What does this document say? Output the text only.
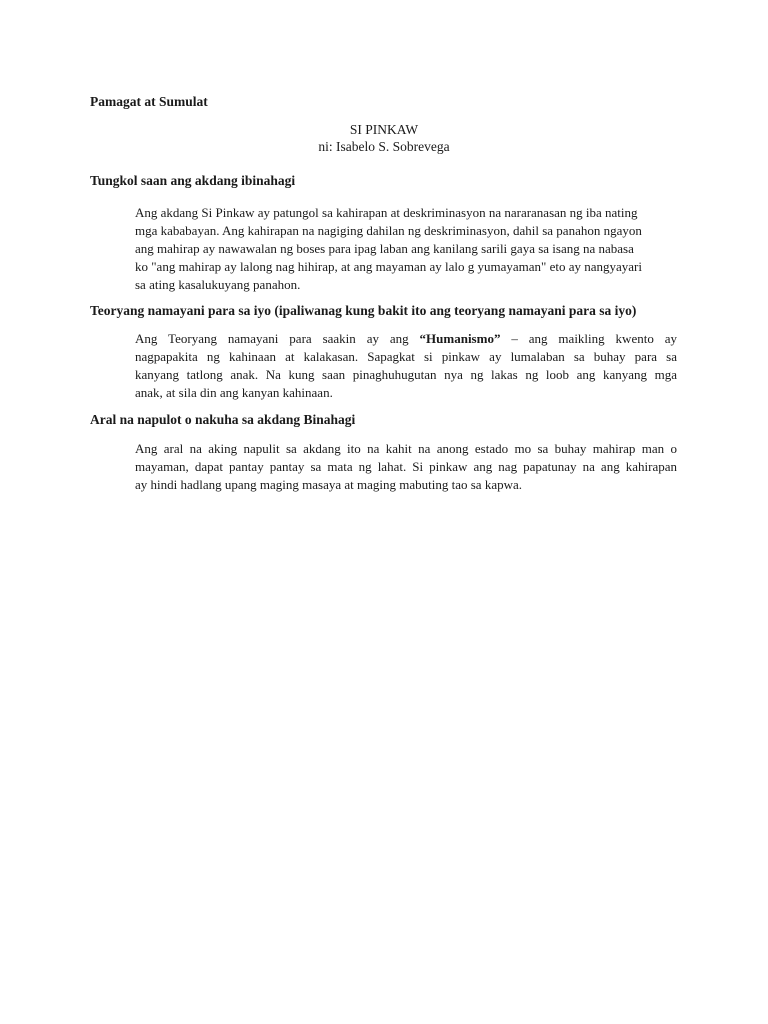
Pamagat at Sumulat
SI PINKAW
ni: Isabelo S. Sobrevega
Tungkol saan ang akdang ibinahagi
Ang akdang Si Pinkaw ay patungol sa kahirapan at deskriminasyon na nararanasan ng iba nating
mga kababayan. Ang kahirapan na nagiging dahilan ng deskriminasyon, dahil sa panahon ngayon
ang mahirap ay nawawalan ng boses para ipag laban ang kanilang sarili gaya sa isang na nabasa
ko "ang mahirap ay lalong nag hihirap, at ang mayaman ay lalo g yumayaman" eto ay nangyayari
sa ating kasalukuyang panahon.
Teoryang namayani para sa iyo (ipaliwanag kung bakit ito ang teoryang namayani para sa iyo)
Ang Teoryang namayani para saakin ay ang “Humanismo” – ang maikling kwento ay
nagpapakita ng kahinaan at kalakasan. Sapagkat si pinkaw ay lumalaban sa buhay para sa
kanyang tatlong anak. Na kung saan pinaghuhugutan nya ng lakas ng loob ang kanyang mga
anak, at sila din ang kanyan kahinaan.
Aral na napulot o nakuha sa akdang Binahagi
Ang aral na aking napulit sa akdang ito na kahit na anong estado mo sa buhay mahirap man o
mayaman, dapat pantay pantay sa mata ng lahat. Si pinkaw ang nag papatunay na ang kahirapan
ay hindi hadlang upang maging masaya at maging mabuting tao sa kapwa.
